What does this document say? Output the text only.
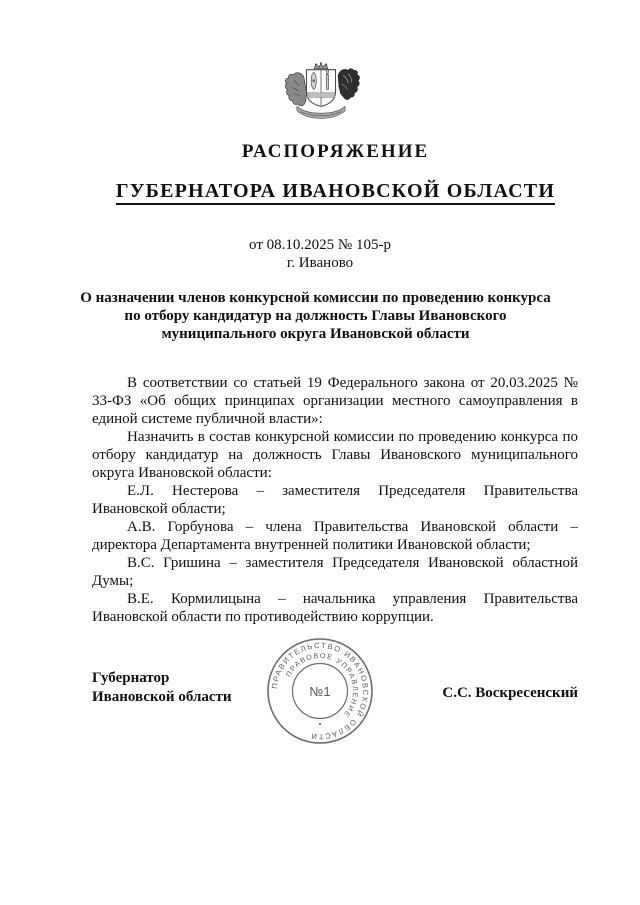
РАСПОРЯЖЕНИЕ
ГУБЕРНАТОРА ИВАНОВСКОЙ ОБЛАСТИ
от 08.10.2025 № 105-р
г. Иваново
О назначении членов конкурсной комиссии по проведению конкурса
по отбору кандидатур на должность Главы Ивановского
муниципального округа Ивановской области

В соответствии со статьей 19 Федерального закона от 20.03.2025 № 33-ФЗ «Об общих принципах организации местного самоуправления в единой системе публичной власти»:

Назначить в состав конкурсной комиссии по проведению конкурса по отбору кандидатур на должность Главы Ивановского муниципального округа Ивановской области:

Е.Л. Нестерова – заместителя Председателя Правительства Ивановской области;

А.В. Горбунова – члена Правительства Ивановской области – директора Департамента внутренней политики Ивановской области;

В.С. Гришина – заместителя Председателя Ивановской областной Думы;

В.Е. Кормилицына – начальника управления Правительства Ивановской области по противодействию коррупции.

Губернатор
Ивановской области	С.С. Воскресенский
ПРАВИТЕЛЬСТВО ИВАНОВСКОЙ ОБЛАСТИ
ПРАВОВОЕ УПРАВЛЕНИЕ
№1
